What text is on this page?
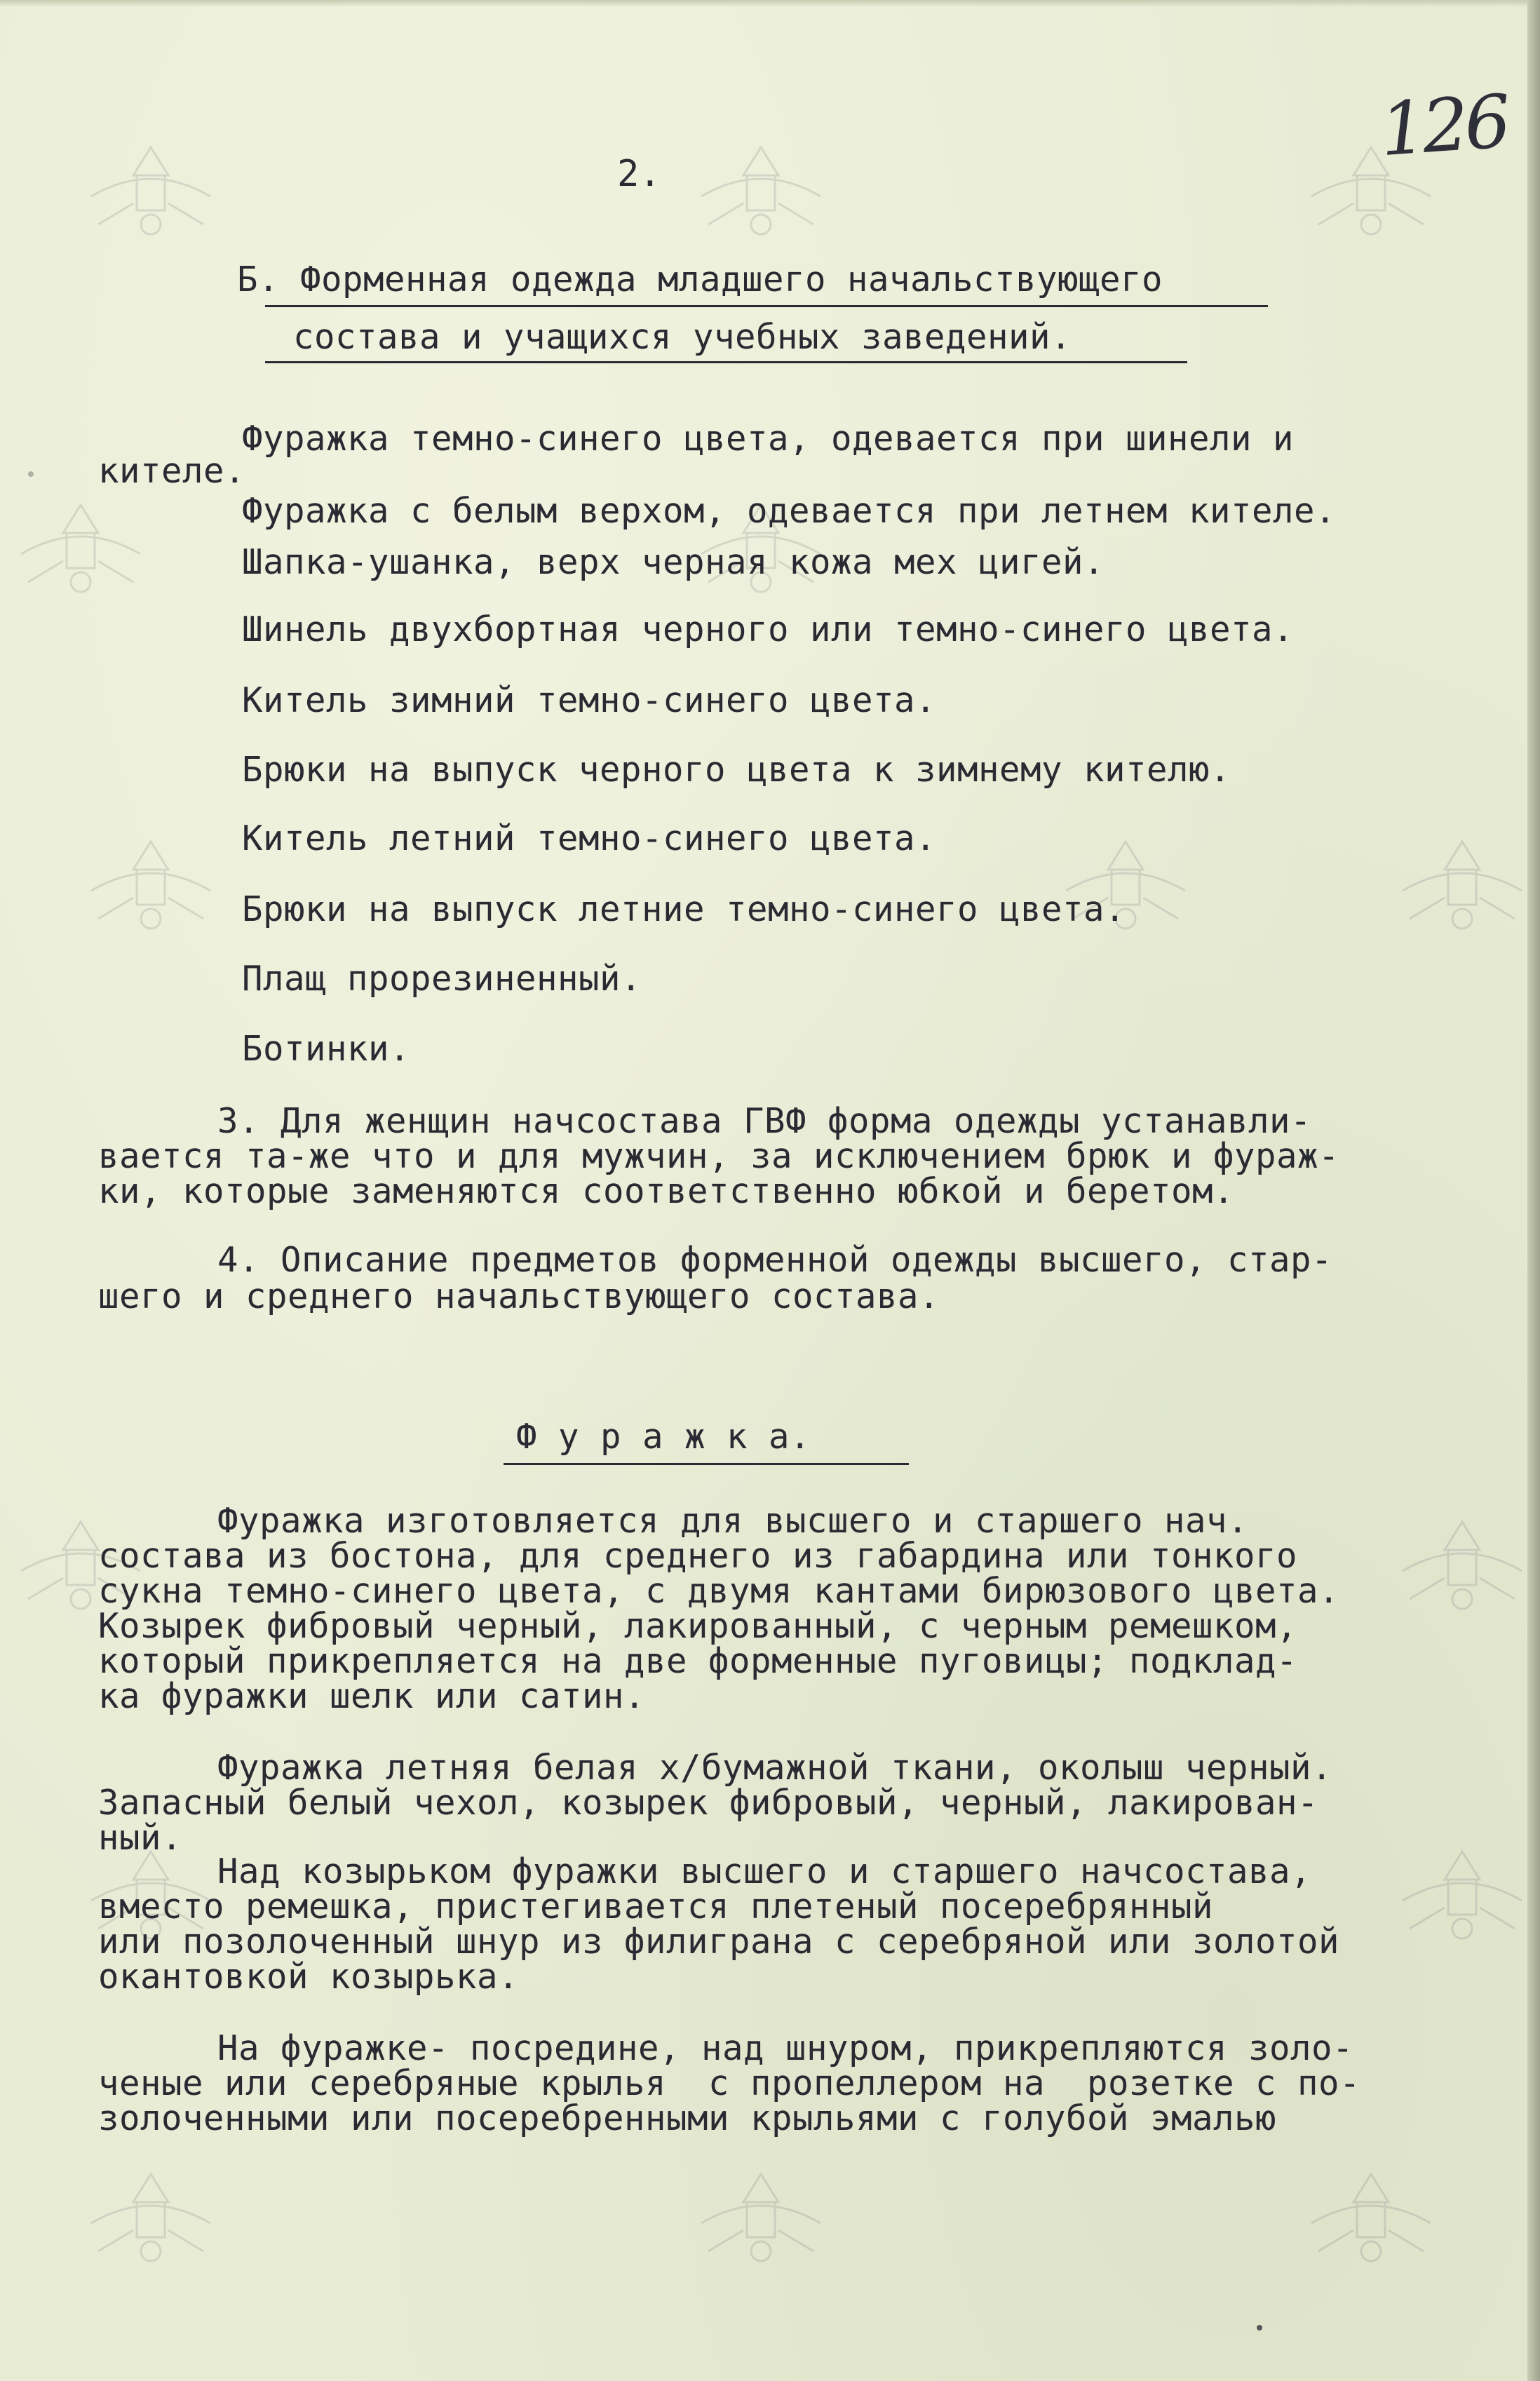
2.
126
Б. Форменная одежда младшего начальствующего
состава и учащихся учебных заведений.
Фуражка темно-синего цвета, одевается при шинели и
кителе.
Фуражка с белым верхом, одевается при летнем кителе.
Шапка-ушанка, верх черная кожа мех цигей.
Шинель двухбортная черного или темно-синего цвета.
Китель зимний темно-синего цвета.
Брюки на выпуск черного цвета к зимнему кителю.
Китель летний темно-синего цвета.
Брюки на выпуск летние темно-синего цвета.
Плащ прорезиненный.
Ботинки.
3. Для женщин начсостава ГВФ форма одежды устанавли-
вается та-же что и для мужчин, за исключением брюк и фураж-
ки, которые заменяются соответственно юбкой и беретом.
4. Описание предметов форменной одежды высшего, стар-
шего и среднего начальствующего состава.
Ф у р а ж к а.
Фуражка изготовляется для высшего и старшего нач.
состава из бостона, для среднего из габардина или тонкого
сукна темно-синего цвета, с двумя кантами бирюзового цвета.
Козырек фибровый черный, лакированный, с черным ремешком,
который прикрепляется на две форменные пуговицы; подклад-
ка фуражки шелк или сатин.
Фуражка летняя белая х/бумажной ткани, околыш черный.
Запасный белый чехол, козырек фибровый, черный, лакирован-
ный.
Над козырьком фуражки высшего и старшего начсостава,
вместо ремешка, пристегивается плетеный посеребрянный
или позолоченный шнур из филиграна с серебряной или золотой
окантовкой козырька.
На фуражке- посредине, над шнуром, прикрепляются золо-
ченые или серебряные крылья  с пропеллером на  розетке с по-
золоченными или посеребренными крыльями с голубой эмалью
